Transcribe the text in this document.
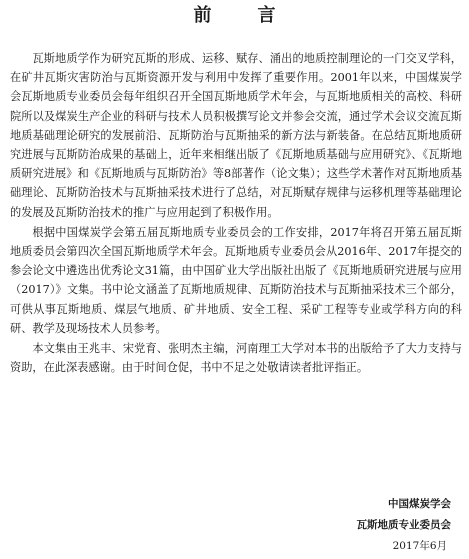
前　言

瓦斯地质学作为研究瓦斯的形成、运移、赋存、涌出的地质控制理论的一门交叉学科，在矿井瓦斯灾害防治与瓦斯资源开发与利用中发挥了重要作用。2001年以来，中国煤炭学会瓦斯地质专业委员会每年组织召开全国瓦斯地质学术年会，与瓦斯地质相关的高校、科研院所以及煤炭生产企业的科研与技术人员积极撰写论文并参会交流，通过学术会议交流瓦斯地质基础理论研究的发展前沿、瓦斯防治与瓦斯抽采的新方法与新装备。在总结瓦斯地质研究进展与瓦斯防治成果的基础上，近年来相继出版了《瓦斯地质基础与应用研究》、《瓦斯地质研究进展》和《瓦斯地质与瓦斯防治》等8部著作（论文集）；这些学术著作对瓦斯地质基础理论、瓦斯防治技术与瓦斯抽采技术进行了总结，对瓦斯赋存规律与运移机理等基础理论的发展及瓦斯防治技术的推广与应用起到了积极作用。

根据中国煤炭学会第五届瓦斯地质专业委员会的工作安排，2017年将召开第五届瓦斯地质委员会第四次全国瓦斯地质学术年会。瓦斯地质专业委员会从2016年、2017年提交的参会论文中遴选出优秀论文31篇，由中国矿业大学出版社出版了《瓦斯地质研究进展与应用（2017）》文集。书中论文涵盖了瓦斯地质规律、瓦斯防治技术与瓦斯抽采技术三个部分，可供从事瓦斯地质、煤层气地质、矿井地质、安全工程、采矿工程等专业或学科方向的科研、教学及现场技术人员参考。

本文集由王兆丰、宋党育、张明杰主编，河南理工大学对本书的出版给予了大力支持与资助，在此深表感谢。由于时间仓促，书中不足之处敬请读者批评指正。

中国煤炭学会
瓦斯地质专业委员会
2017年6月
